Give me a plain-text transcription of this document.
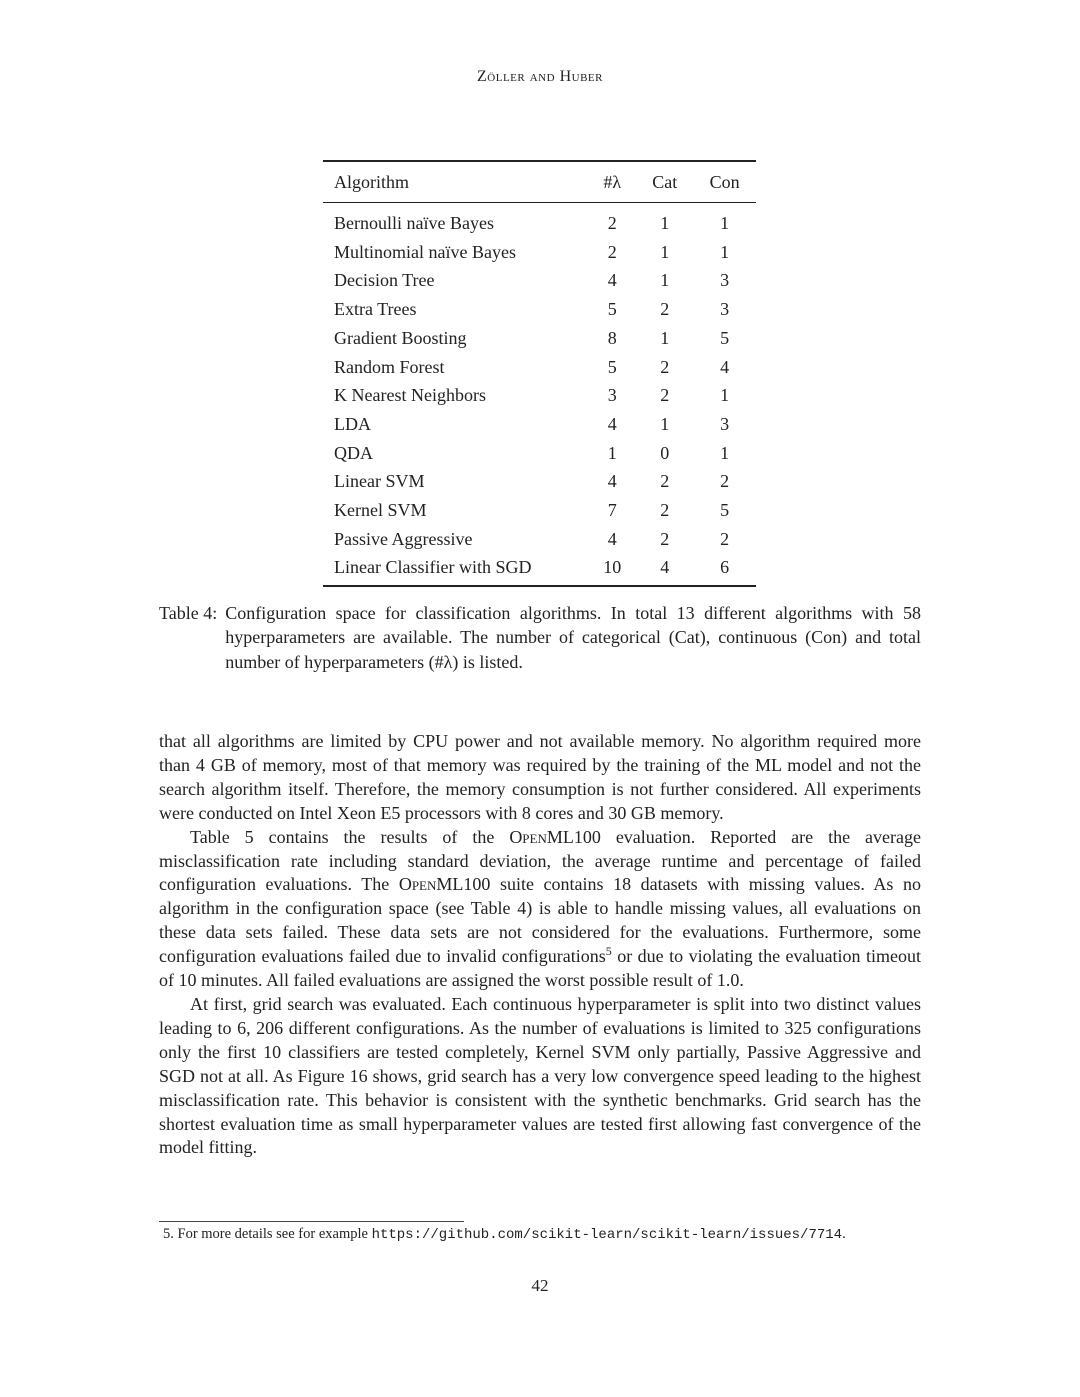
Zöller and Huber
Algorithm	#λ	Cat	Con
Bernoulli naïve Bayes	2	1	1
Multinomial naïve Bayes	2	1	1
Decision Tree	4	1	3
Extra Trees	5	2	3
Gradient Boosting	8	1	5
Random Forest	5	2	4
K Nearest Neighbors	3	2	1
LDA	4	1	3
QDA	1	0	1
Linear SVM	4	2	2
Kernel SVM	7	2	5
Passive Aggressive	4	2	2
Linear Classifier with SGD	10	4	6
Table 4: Configuration space for classification algorithms. In total 13 different algorithms with 58 hyperparameters are available. The number of categorical (Cat), continuous (Con) and total number of hyperparameters (#λ) is listed.

that all algorithms are limited by CPU power and not available memory. No algorithm required more than 4 GB of memory, most of that memory was required by the training of the ML model and not the search algorithm itself. Therefore, the memory consumption is not further considered. All experiments were conducted on Intel Xeon E5 processors with 8 cores and 30 GB memory.

Table 5 contains the results of the OpenML100 evaluation. Reported are the average misclassification rate including standard deviation, the average runtime and percentage of failed configuration evaluations. The OpenML100 suite contains 18 datasets with missing values. As no algorithm in the configuration space (see Table 4) is able to handle missing values, all evaluations on these data sets failed. These data sets are not considered for the evaluations. Furthermore, some configuration evaluations failed due to invalid configurations$^5$ or due to violating the evaluation timeout of 10 minutes. All failed evaluations are assigned the worst possible result of 1.0.

At first, grid search was evaluated. Each continuous hyperparameter is split into two distinct values leading to 6, 206 different configurations. As the number of evaluations is limited to 325 configurations only the first 10 classifiers are tested completely, Kernel SVM only partially, Passive Aggressive and SGD not at all. As Figure 16 shows, grid search has a very low convergence speed leading to the highest misclassification rate. This behavior is consistent with the synthetic benchmarks. Grid search has the shortest evaluation time as small hyperparameter values are tested first allowing fast convergence of the model fitting.

5. For more details see for example https://github.com/scikit-learn/scikit-learn/issues/7714.
42
